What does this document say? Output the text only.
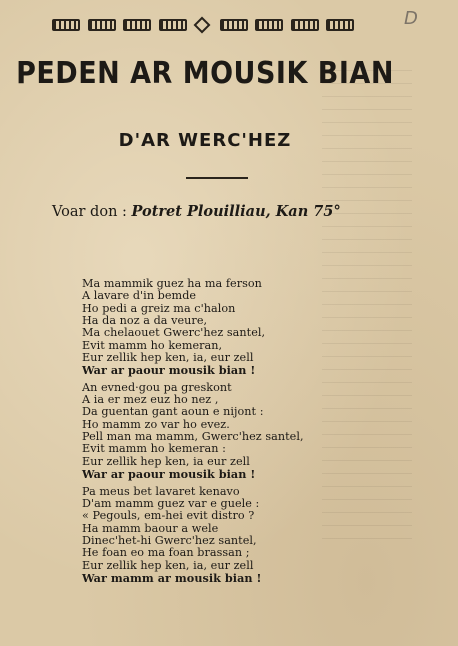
D
PEDEN AR MOUSIK BIAN
D'AR WERC'HEZ
Voar don : Potret Plouilliau, Kan 75°
Ma mammik guez ha ma ferson
A lavare d'in bemde
Ho pedi a greiz ma c'halon
Ha da noz a da veure,
Ma chelaouet Gwerc'hez santel,
Evit mamm ho kemeran,
Eur zellik hep ken, ia, eur zell
War ar paour mousik bian !
An evned·gou pa greskont
A ia er mez euz ho nez ,
Da guentan gant aoun e nijont :
Ho mamm zo var ho evez.
Pell man ma mamm, Gwerc'hez santel,
Evit mamm ho kemeran :
Eur zellik hep ken, ia eur zell
War ar paour mousik bian !
Pa meus bet lavaret kenavo
D'am mamm guez var e guele :
« Pegouls, em-hei evit distro ?
Ha mamm baour a wele
Dinec'het-hi Gwerc'hez santel,
He foan eo ma foan brassan ;
Eur zellik hep ken, ia, eur zell
War mamm ar mousik bian !
